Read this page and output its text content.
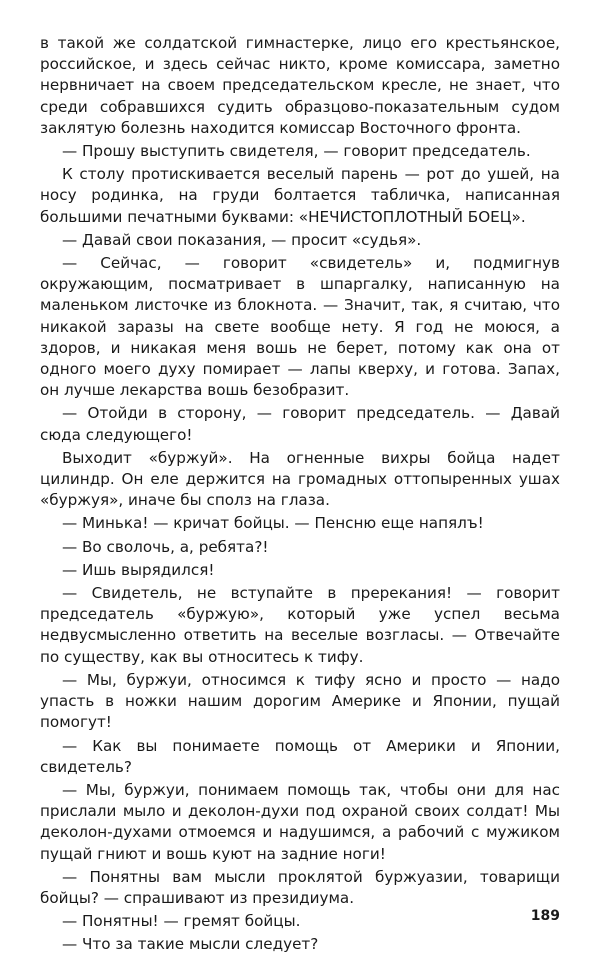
в такой же солдатской гимнастерке, лицо его крестьянское, российское, и здесь сейчас никто, кроме комиссара, заметно нервничает на своем председательском кресле, не знает, что среди собравшихся судить образцово-показательным судом заклятую болезнь находится комиссар Восточного фронта.

— Прошу выступить свидетеля, — говорит председатель.

К столу протискивается веселый парень — рот до ушей, на носу родинка, на груди болтается табличка, написанная большими печатными буквами: «НЕЧИСТОПЛОТНЫЙ БОЕЦ».

— Давай свои показания, — просит «судья».

— Сейчас, — говорит «свидетель» и, подмигнув окружающим, посматривает в шпаргалку, написанную на маленьком листочке из блокнота. — Значит, так, я считаю, что никакой заразы на свете вообще нету. Я год не моюся, а здоров, и никакая меня вошь не берет, потому как она от одного моего духу помирает — лапы кверху, и готова. Запах, он лучше лекарства вошь безобразит.

— Отойди в сторону, — говорит председатель. — Давай сюда следующего!

Выходит «буржуй». На огненные вихры бойца надет цилиндр. Он еле держится на громадных оттопыренных ушах «буржуя», иначе бы сполз на глаза.

— Минька! — кричат бойцы. — Пенсню еще напялъ!

— Во сволочь, а, ребята?!

— Ишь вырядился!

— Свидетель, не вступайте в пререкания! — говорит председатель «буржую», который уже успел весьма недвусмысленно ответить на веселые возгласы. — Отвечайте по существу, как вы относитесь к тифу.

— Мы, буржуи, относимся к тифу ясно и просто — надо упасть в ножки нашим дорогим Америке и Японии, пущай помогут!

— Как вы понимаете помощь от Америки и Японии, свидетель?

— Мы, буржуи, понимаем помощь так, чтобы они для нас прислали мыло и деколон-духи под охраной своих солдат! Мы деколон-духами отмоемся и надушимся, а рабочий с мужиком пущай гниют и вошь куют на задние ноги!

— Понятны вам мысли проклятой буржуазии, товарищи бойцы? — спрашивают из президиума.

— Понятны! — гремят бойцы.

— Что за такие мысли следует?

189
